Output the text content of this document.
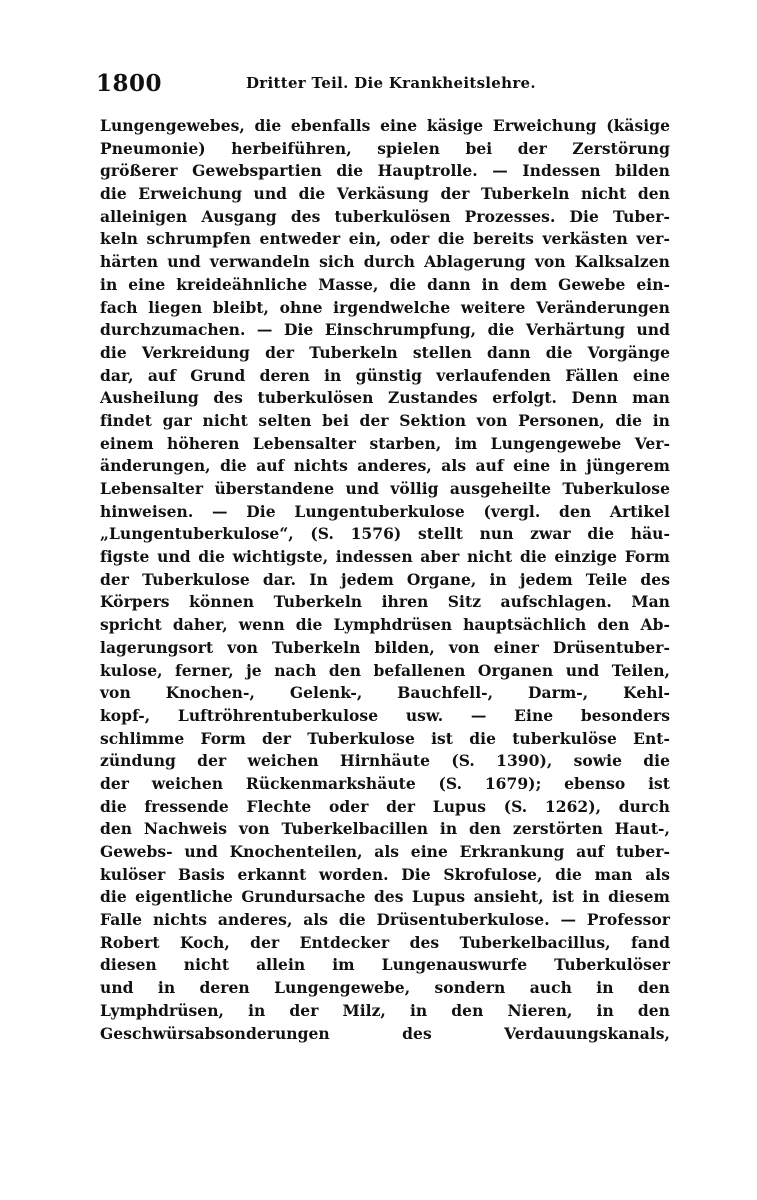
1800	Dritter Teil. Die Krankheitslehre.
Lungengewebes, die ebenfalls eine käsige Erweichung (käsige
Pneumonie) herbeiführen, spielen bei der Zerstörung
größerer Gewebspartien die Hauptrolle. — Indessen bilden
die Erweichung und die Verkäsung der Tuberkeln nicht den
alleinigen Ausgang des tuberkulösen Prozesses. Die Tuber-
keln schrumpfen entweder ein, oder die bereits verkästen ver-
härten und verwandeln sich durch Ablagerung von Kalksalzen
in eine kreideähnliche Masse, die dann in dem Gewebe ein-
fach liegen bleibt, ohne irgendwelche weitere Veränderungen
durchzumachen. — Die Einschrumpfung, die Verhärtung und
die Verkreidung der Tuberkeln stellen dann die Vorgänge
dar, auf Grund deren in günstig verlaufenden Fällen eine
Ausheilung des tuberkulösen Zustandes erfolgt. Denn man
findet gar nicht selten bei der Sektion von Personen, die in
einem höheren Lebensalter starben, im Lungengewebe Ver-
änderungen, die auf nichts anderes, als auf eine in jüngerem
Lebensalter überstandene und völlig ausgeheilte Tuberkulose
hinweisen. — Die Lungentuberkulose (vergl. den Artikel
„Lungentuberkulose“, (S. 1576) stellt nun zwar die häu-
figste und die wichtigste, indessen aber nicht die einzige Form
der Tuberkulose dar. In jedem Organe, in jedem Teile des
Körpers können Tuberkeln ihren Sitz aufschlagen. Man
spricht daher, wenn die Lymphdrüsen hauptsächlich den Ab-
lagerungsort von Tuberkeln bilden, von einer Drüsentuber-
kulose, ferner, je nach den befallenen Organen und Teilen,
von Knochen-, Gelenk-, Bauchfell-, Darm-, Kehl-
kopf-, Luftröhrentuberkulose usw. — Eine besonders
schlimme Form der Tuberkulose ist die tuberkulöse Ent-
zündung der weichen Hirnhäute (S. 1390), sowie die
der weichen Rückenmarkshäute (S. 1679); ebenso ist
die fressende Flechte oder der Lupus (S. 1262), durch
den Nachweis von Tuberkelbacillen in den zerstörten Haut-,
Gewebs- und Knochenteilen, als eine Erkrankung auf tuber-
kulöser Basis erkannt worden. Die Skrofulose, die man als
die eigentliche Grundursache des Lupus ansieht, ist in diesem
Falle nichts anderes, als die Drüsentuberkulose. — Professor
Robert Koch, der Entdecker des Tuberkelbacillus, fand
diesen nicht allein im Lungenauswurfe Tuberkulöser
und in deren Lungengewebe, sondern auch in den
Lymphdrüsen, in der Milz, in den Nieren, in den
Geschwürsabsonderungen des Verdauungskanals,
